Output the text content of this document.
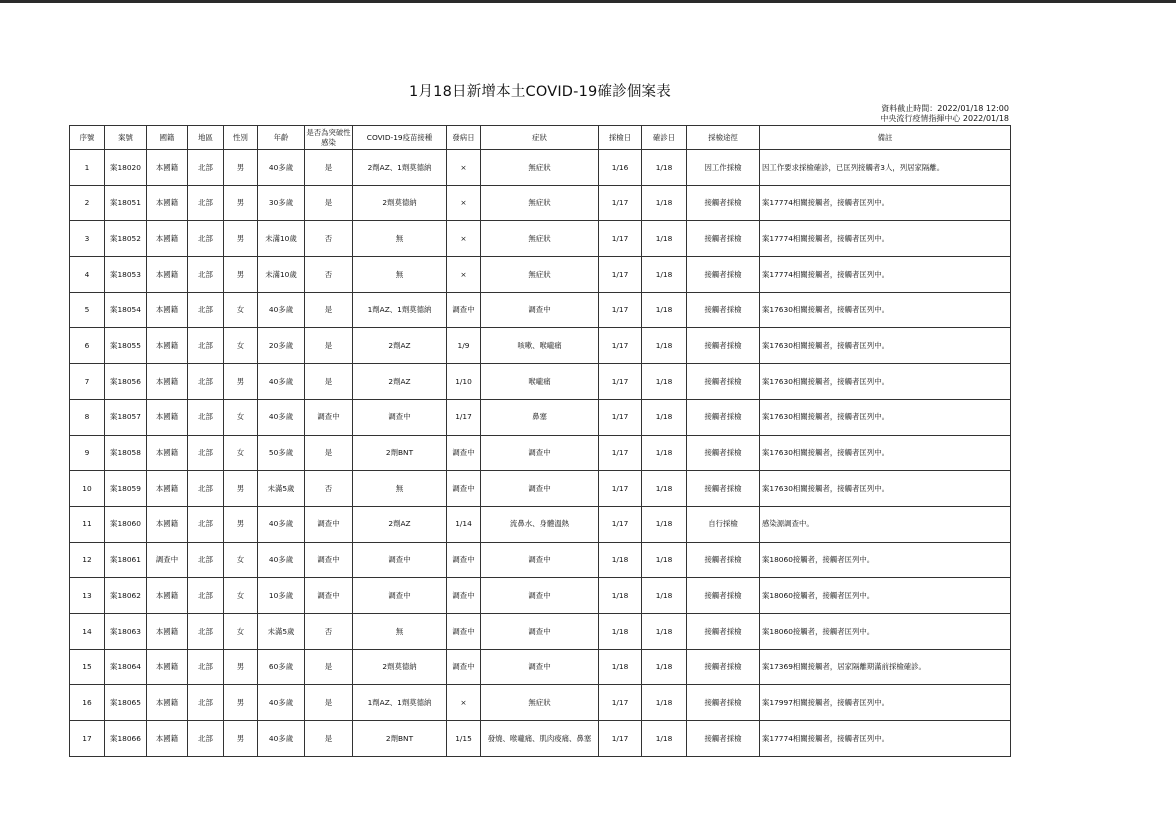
1月18日新增本土COVID-19確診個案表
資料截止時間：2022/01/18 12:00
中央流行疫情指揮中心 2022/01/18
序號	案號	國籍	地區	性別	年齡	是否為突破性感染	COVID-19疫苗接種	發病日	症狀	採檢日	確診日	採檢途徑	備註
1	案18020	本國籍	北部	男	40多歲	是	2劑AZ、1劑莫德納	×	無症狀	1/16	1/18	因工作採檢	因工作要求採檢確診，已匡列接觸者3人，列居家隔離。
2	案18051	本國籍	北部	男	30多歲	是	2劑莫德納	×	無症狀	1/17	1/18	接觸者採檢	案17774相關接觸者，接觸者匡列中。
3	案18052	本國籍	北部	男	未滿10歲	否	無	×	無症狀	1/17	1/18	接觸者採檢	案17774相關接觸者，接觸者匡列中。
4	案18053	本國籍	北部	男	未滿10歲	否	無	×	無症狀	1/17	1/18	接觸者採檢	案17774相關接觸者，接觸者匡列中。
5	案18054	本國籍	北部	女	40多歲	是	1劑AZ、1劑莫德納	調查中	調查中	1/17	1/18	接觸者採檢	案17630相關接觸者，接觸者匡列中。
6	案18055	本國籍	北部	女	20多歲	是	2劑AZ	1/9	咳嗽、喉嚨痛	1/17	1/18	接觸者採檢	案17630相關接觸者，接觸者匡列中。
7	案18056	本國籍	北部	男	40多歲	是	2劑AZ	1/10	喉嚨痛	1/17	1/18	接觸者採檢	案17630相關接觸者，接觸者匡列中。
8	案18057	本國籍	北部	女	40多歲	調查中	調查中	1/17	鼻塞	1/17	1/18	接觸者採檢	案17630相關接觸者，接觸者匡列中。
9	案18058	本國籍	北部	女	50多歲	是	2劑BNT	調查中	調查中	1/17	1/18	接觸者採檢	案17630相關接觸者，接觸者匡列中。
10	案18059	本國籍	北部	男	未滿5歲	否	無	調查中	調查中	1/17	1/18	接觸者採檢	案17630相關接觸者，接觸者匡列中。
11	案18060	本國籍	北部	男	40多歲	調查中	2劑AZ	1/14	流鼻水、身體溫熱	1/17	1/18	自行採檢	感染源調查中。
12	案18061	調查中	北部	女	40多歲	調查中	調查中	調查中	調查中	1/18	1/18	接觸者採檢	案18060接觸者，接觸者匡列中。
13	案18062	本國籍	北部	女	10多歲	調查中	調查中	調查中	調查中	1/18	1/18	接觸者採檢	案18060接觸者，接觸者匡列中。
14	案18063	本國籍	北部	女	未滿5歲	否	無	調查中	調查中	1/18	1/18	接觸者採檢	案18060接觸者，接觸者匡列中。
15	案18064	本國籍	北部	男	60多歲	是	2劑莫德納	調查中	調查中	1/18	1/18	接觸者採檢	案17369相關接觸者，居家隔離期滿前採檢確診。
16	案18065	本國籍	北部	男	40多歲	是	1劑AZ、1劑莫德納	×	無症狀	1/17	1/18	接觸者採檢	案17997相關接觸者，接觸者匡列中。
17	案18066	本國籍	北部	男	40多歲	是	2劑BNT	1/15	發燒、喉嚨痛、肌肉痠痛、鼻塞	1/17	1/18	接觸者採檢	案17774相關接觸者，接觸者匡列中。
